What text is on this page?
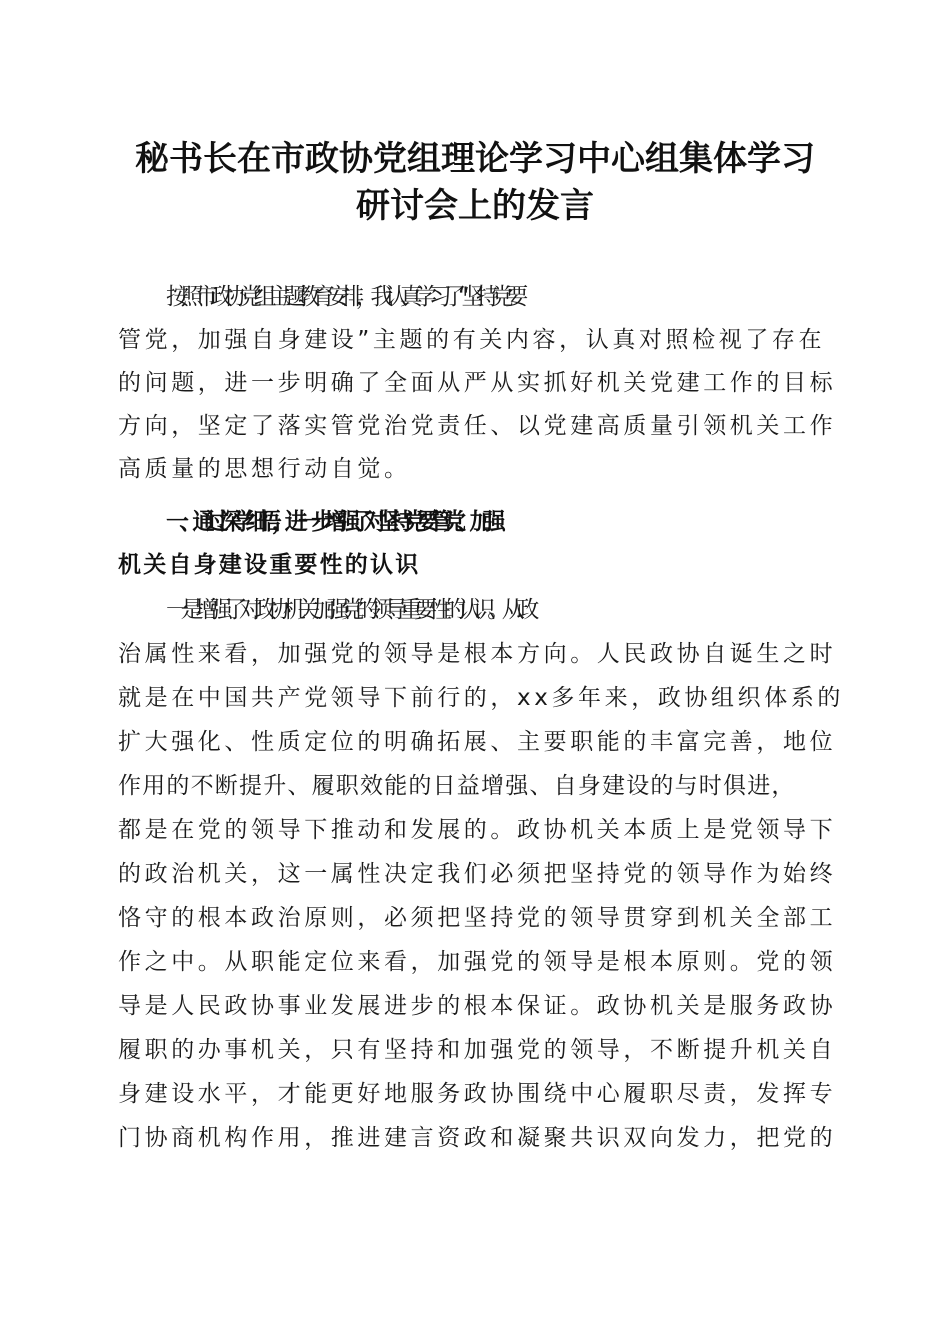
秘书长在市政协党组理论学习中心组集体学习
研讨会上的发言
按照市政协党组主题教育安排，我认真学习了“坚持党要
管党，加强自身建设”主题的有关内容，认真对照检视了存在
的问题，进一步明确了全面从严从实抓好机关党建工作的目标
方向，坚定了落实管党治党责任、以党建高质量引领机关工作
高质量的思想行动自觉。
一、通过深学细悟，进一步增强了对坚持党要管党、加强
机关自身建设重要性的认识
一是增强了对政协机关加强党的领导重要性的认识。从政
治属性来看，加强党的领导是根本方向。人民政协自诞生之时
就是在中国共产党领导下前行的，xx多年来，政协组织体系的
扩大强化、性质定位的明确拓展、主要职能的丰富完善，地位
作用的不断提升、履职效能的日益增强、自身建设的与时俱进，
都是在党的领导下推动和发展的。政协机关本质上是党领导下
的政治机关，这一属性决定我们必须把坚持党的领导作为始终
恪守的根本政治原则，必须把坚持党的领导贯穿到机关全部工
作之中。从职能定位来看，加强党的领导是根本原则。党的领
导是人民政协事业发展进步的根本保证。政协机关是服务政协
履职的办事机关，只有坚持和加强党的领导，不断提升机关自
身建设水平，才能更好地服务政协围绕中心履职尽责，发挥专
门协商机构作用，推进建言资政和凝聚共识双向发力，把党的
